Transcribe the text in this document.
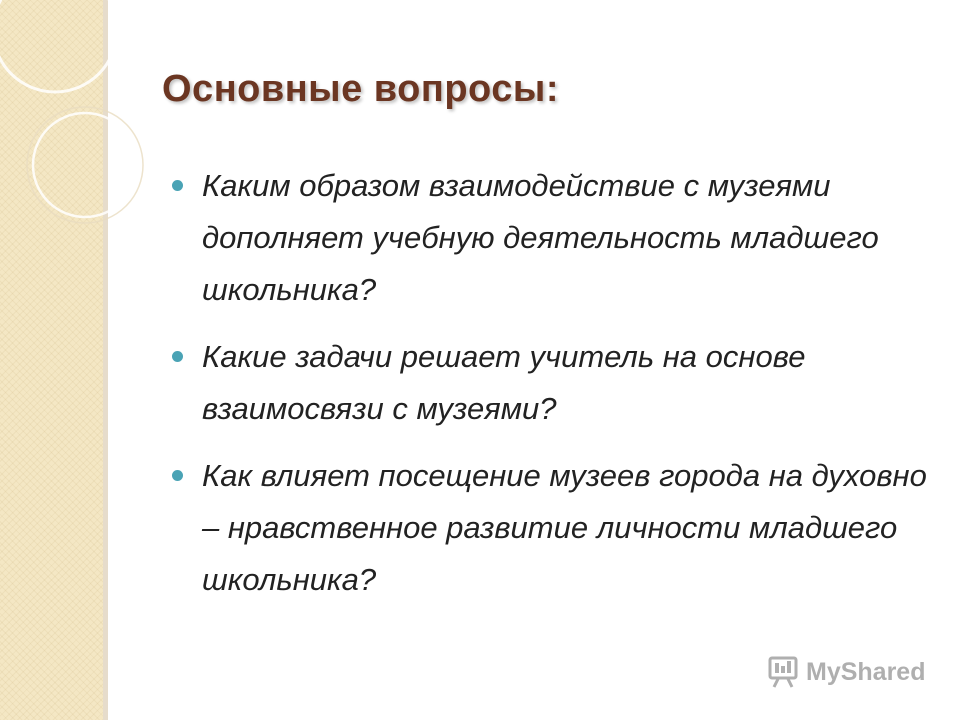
Основные вопросы:
Каким образом взаимодействие с музеями дополняет учебную деятельность младшего школьника?
Какие задачи решает учитель на основе взаимосвязи с музеями?
Как влияет посещение музеев города на духовно – нравственное развитие личности младшего школьника?
MyShared
